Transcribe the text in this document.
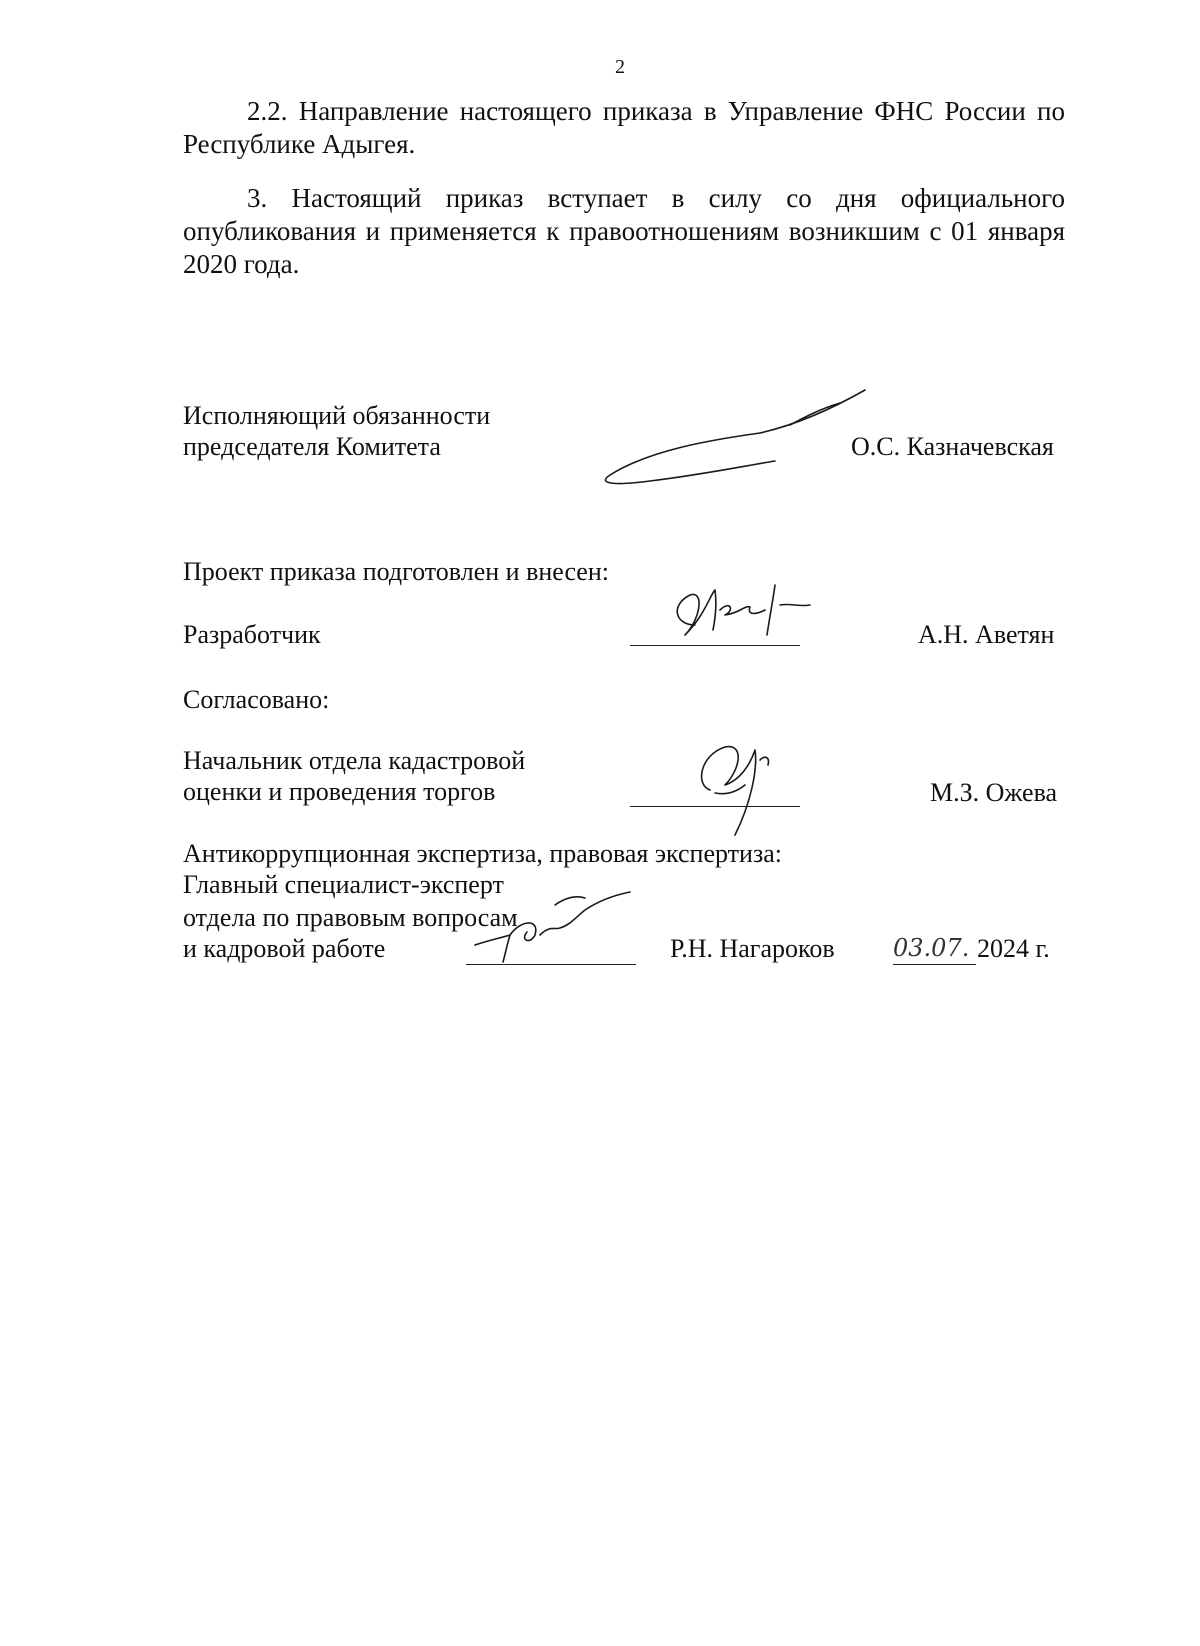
2

2.2. Направление настоящего приказа в Управление ФНС России по Республике Адыгея.

3. Настоящий приказ вступает в силу со дня официального опубликования и применяется к правоотношениям возникшим с 01 января 2020 года.

Исполняющий обязанности
председателя Комитета	О.С. Казначевская
Проект приказа подготовлен и внесен:
Разработчик	А.Н. Аветян
Согласовано:
Начальник отдела кадастровой
оценки и проведения торгов	М.З. Ожева
Антикоррупционная экспертиза, правовая экспертиза:
Главный специалист-эксперт
отдела по правовым вопросам
и кадровой работе	Р.Н. Нагароков 03.07. 2024 г.
